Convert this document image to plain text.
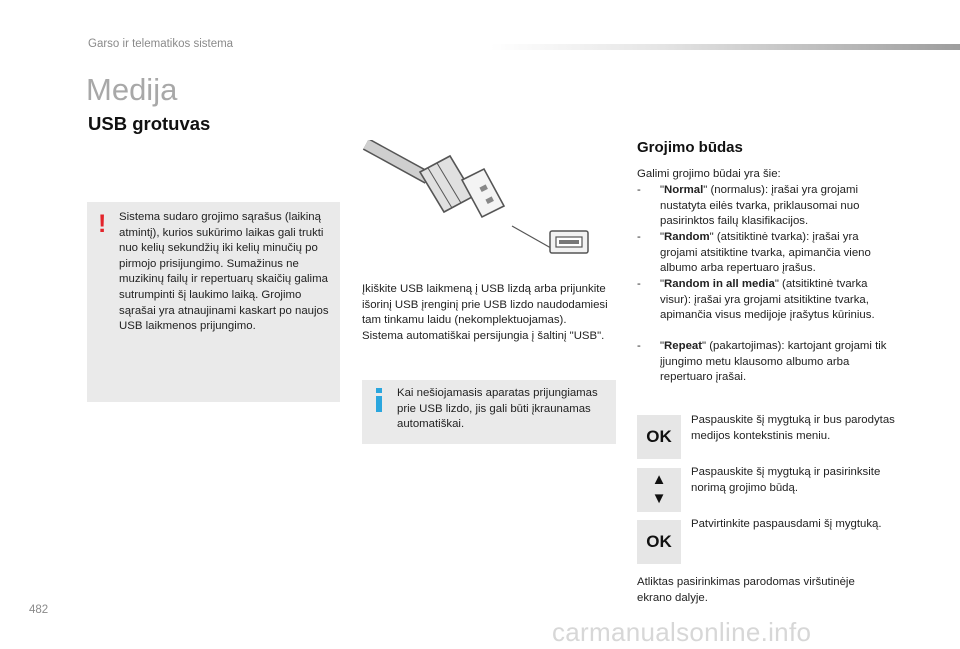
Garso ir telematikos sistema
Medija
USB grotuvas
! Sistema sudaro grojimo sąrašus (laikiną atmintį), kurios sukūrimo laikas gali trukti nuo kelių sekundžių iki kelių minučių po pirmojo prisijungimo. Sumažinus ne muzikinų failų ir repertuarų skaičių galima sutrumpinti šį laukimo laiką. Grojimo sąrašai yra atnaujinami kaskart po naujos USB laikmenos prijungimo.
Įkiškite USB laikmeną į USB lizdą arba prijunkite išorinį USB įrenginį prie USB lizdo naudodamiesi tam tinkamu laidu (nekomplektuojamas).
Sistema automatiškai persijungia į šaltinį "USB".
Kai nešiojamasis aparatas prijungiamas prie USB lizdo, jis gali būti įkraunamas automatiškai.
Grojimo būdas
Galimi grojimo būdai yra šie:
- "Normal" (normalus): įrašai yra grojami nustatyta eilės tvarka, priklausomai nuo pasirinktos failų klasifikacijos.
- "Random" (atsitiktinė tvarka): įrašai yra grojami atsitiktine tvarka, apimančia vieno albumo arba repertuaro įrašus.
- "Random in all media" (atsitiktinė tvarka visur): įrašai yra grojami atsitiktine tvarka, apimančia visus medijoje įrašytus kūrinius.
- "Repeat" (pakartojimas): kartojant grojami tik įjungimo metu klausomo albumo arba repertuaro įrašai.
OK
Paspauskite šį mygtuką ir bus parodytas medijos kontekstinis meniu.
▲
▼
Paspauskite šį mygtuką ir pasirinksite norimą grojimo būdą.
OK
Patvirtinkite paspausdami šį mygtuką.
Atliktas pasirinkimas parodomas viršutinėje ekrano dalyje.
482
carmanualsonline.info
